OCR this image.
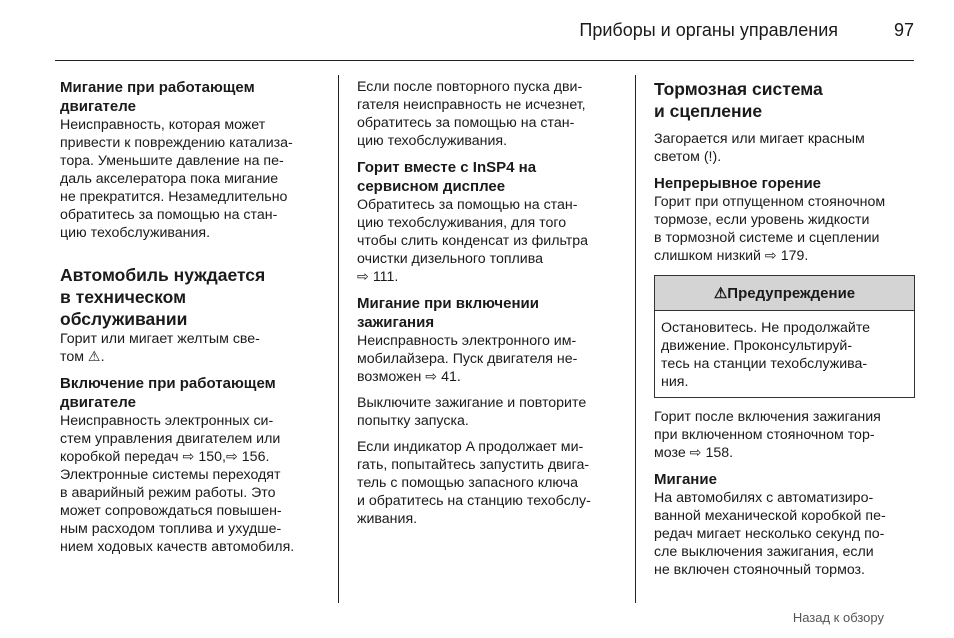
Приборы и органы управления	97
Мигание при работающем
двигателе

Неисправность, которая может
привести к повреждению катализа-
тора. Уменьшите давление на пе-
даль акселератора пока мигание
не прекратится. Незамедлительно
обратитесь за помощью на стан-
цию техобслуживания.

Автомобиль нуждается
в техническом
обслуживании

Горит или мигает желтым све-
том ⚠.

Включение при работающем
двигателе

Неисправность электронных си-
стем управления двигателем или
коробкой передач ⇨ 150,⇨ 156.
Электронные системы переходят
в аварийный режим работы. Это
может сопровождаться повышен-
ным расходом топлива и ухудше-
нием ходовых качеств автомобиля.

Если после повторного пуска дви-
гателя неисправность не исчезнет,
обратитесь за помощью на стан-
цию техобслуживания.

Горит вместе с InSP4 на
сервисном дисплее

Обратитесь за помощью на стан-
цию техобслуживания, для того
чтобы слить конденсат из фильтра
очистки дизельного топлива
⇨ 111.

Мигание при включении
зажигания

Неисправность электронного им-
мобилайзера. Пуск двигателя не-
возможен ⇨ 41.

Выключите зажигание и повторите
попытку запуска.

Если индикатор A продолжает ми-
гать, попытайтесь запустить двига-
тель с помощью запасного ключа
и обратитесь на станцию техобслу-
живания.

Тормозная система
и сцепление

Загорается или мигает красным
светом (!).

Непрерывное горение

Горит при отпущенном стояночном
тормозе, если уровень жидкости
в тормозной системе и сцеплении
слишком низкий ⇨ 179.

⚠Предупреждение
Остановитесь. Не продолжайте
движение. Проконсультируй-
тесь на станции техобслужива-
ния.

Горит после включения зажигания
при включенном стояночном тор-
мозе ⇨ 158.

Мигание

На автомобилях с автоматизиро-
ванной механической коробкой пе-
редач мигает несколько секунд по-
сле выключения зажигания, если
не включен стояночный тормоз.

Назад к обзору
